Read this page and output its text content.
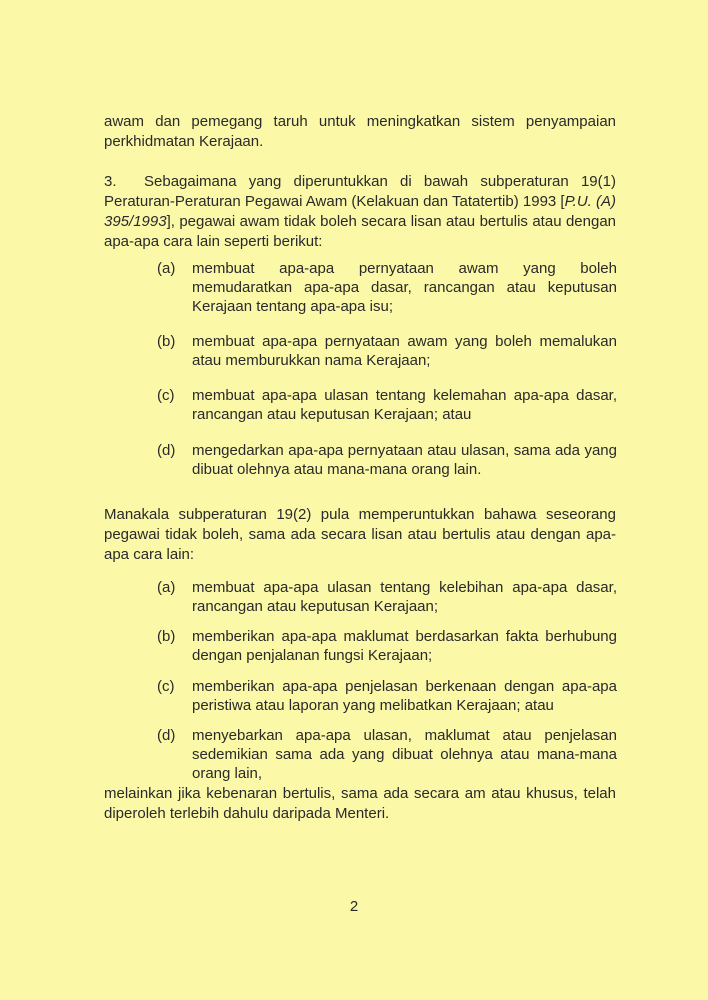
awam dan pemegang taruh untuk meningkatkan sistem penyampaian perkhidmatan Kerajaan.

3. Sebagaimana yang diperuntukkan di bawah subperaturan 19(1) Peraturan-Peraturan Pegawai Awam (Kelakuan dan Tatatertib) 1993 [P.U. (A) 395/1993], pegawai awam tidak boleh secara lisan atau bertulis atau dengan apa-apa cara lain seperti berikut:

(a)	membuat apa-apa pernyataan awam yang boleh memudaratkan apa-apa dasar, rancangan atau keputusan Kerajaan tentang apa-apa isu;
(b)	membuat apa-apa pernyataan awam yang boleh memalukan atau memburukkan nama Kerajaan;
(c)	membuat apa-apa ulasan tentang kelemahan apa-apa dasar, rancangan atau keputusan Kerajaan; atau
(d)	mengedarkan apa-apa pernyataan atau ulasan, sama ada yang dibuat olehnya atau mana-mana orang lain.

Manakala subperaturan 19(2) pula memperuntukkan bahawa seseorang pegawai tidak boleh, sama ada secara lisan atau bertulis atau dengan apa-apa cara lain:

(a)	membuat apa-apa ulasan tentang kelebihan apa-apa dasar, rancangan atau keputusan Kerajaan;
(b)	memberikan apa-apa maklumat berdasarkan fakta berhubung dengan penjalanan fungsi Kerajaan;
(c)	memberikan apa-apa penjelasan berkenaan dengan apa-apa peristiwa atau laporan yang melibatkan Kerajaan; atau
(d)	menyebarkan apa-apa ulasan, maklumat atau penjelasan sedemikian sama ada yang dibuat olehnya atau mana-mana orang lain,

melainkan jika kebenaran bertulis, sama ada secara am atau khusus, telah diperoleh terlebih dahulu daripada Menteri.

2
